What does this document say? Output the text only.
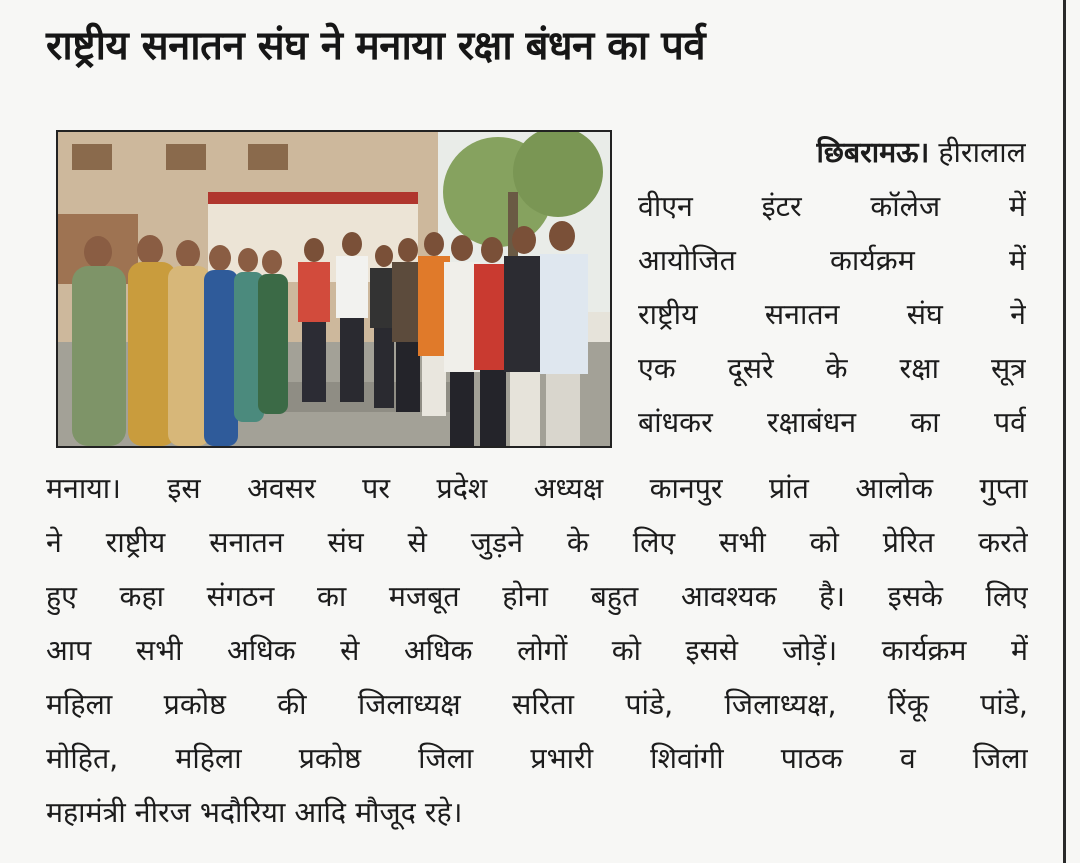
राष्ट्रीय सनातन संघ ने मनाया रक्षा बंधन का पर्व
छिबरामऊ। हीरालाल
वीएन इंटर कॉलेज में
आयोजित कार्यक्रम में
राष्ट्रीय सनातन संघ ने
एक दूसरे के रक्षा सूत्र
बांधकर रक्षाबंधन का पर्व
मनाया। इस अवसर पर प्रदेश अध्यक्ष कानपुर प्रांत आलोक गुप्ता
ने राष्ट्रीय सनातन संघ से जुड़ने के लिए सभी को प्रेरित करते
हुए कहा संगठन का मजबूत होना बहुत आवश्यक है। इसके लिए
आप सभी अधिक से अधिक लोगों को इससे जोड़ें। कार्यक्रम में
महिला प्रकोष्ठ की जिलाध्यक्ष सरिता पांडे, जिलाध्यक्ष, रिंकू पांडे,
मोहित, महिला प्रकोष्ठ जिला प्रभारी शिवांगी पाठक व जिला
महामंत्री नीरज भदौरिया आदि मौजूद रहे।
